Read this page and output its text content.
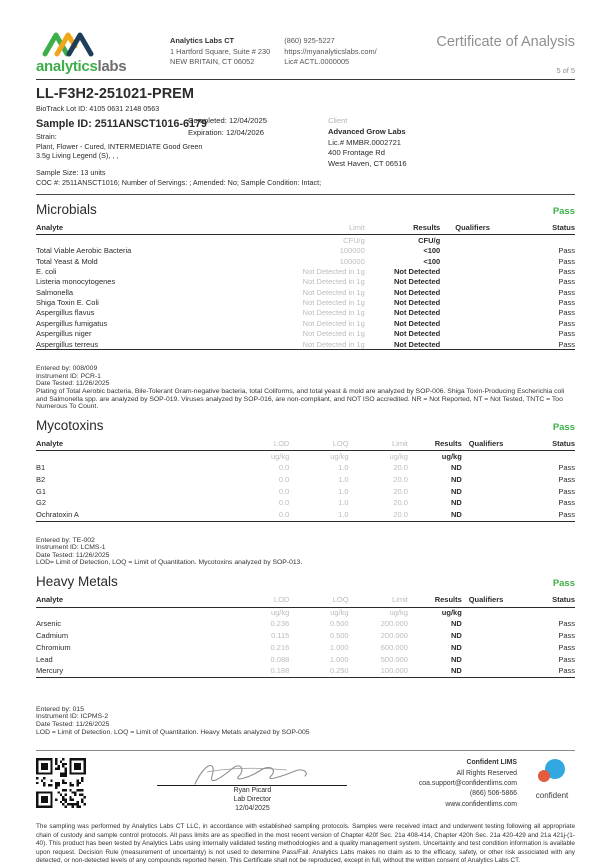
analyticslabs
Analytics Labs CT
1 Hartford Square, Suite # 230
NEW BRITAIN, CT 06052
(860) 925-5227
https://myanalyticslabs.com/
Lic# ACTL.0000005
Certificate of Analysis
5 of 5
LL-F3H2-251021-PREM
BioTrack Lot ID: 4105 0631 2148 0563
Sample ID: 2511ANSCT1016-6179
Completed: 12/04/2025
Expiration: 12/04/2026
Strain:
Plant, Flower - Cured, INTERMEDIATE Good Green
3.5g Living Legend (S), , ,
Sample Size: 13 units
COC #: 2511ANSCT1016; Number of Servings: ; Amended: No; Sample Condition: Intact;
Client
Advanced Grow Labs
Lic.# MMBR.0002721
400 Frontage Rd
West Haven, CT 06516
Microbials	Pass
Analyte	Limit	Results	Qualifiers	Status
	CFU/g	CFU/g		
Total Viable Aerobic Bacteria	100000	<100		Pass
Total Yeast & Mold	100000	<100		Pass
E. coli	Not Detected in 1g	Not Detected		Pass
Listeria monocytogenes	Not Detected in 1g	Not Detected		Pass
Salmonella	Not Detected in 1g	Not Detected		Pass
Shiga Toxin E. Coli	Not Detected in 1g	Not Detected		Pass
Aspergillus flavus	Not Detected in 1g	Not Detected		Pass
Aspergillus fumigatus	Not Detected in 1g	Not Detected		Pass
Aspergillus niger	Not Detected in 1g	Not Detected		Pass
Aspergillus terreus	Not Detected in 1g	Not Detected		Pass
Entered by: 008/009
Instrument ID: PCR-1
Date Tested: 11/26/2025
Plating of Total Aerobic bacteria, Bile-Tolerant Gram-negative bacteria, total Coliforms, and total yeast & mold are analyzed by SOP-006. Shiga Toxin-Producing Escherichia coli and Salmonella spp. are analyzed by SOP-019. Viruses analyzed by SOP-016, are non-compliant, and NOT ISO accredited. NR = Not Reported, NT = Not Tested, TNTC = Too Numerous To Count.
Mycotoxins	Pass
Analyte	LOD	LOQ	Limit	Results	Qualifiers	Status
	ug/kg	ug/kg	ug/kg	ug/kg		
B1	0.0	1.0	20.0	ND		Pass
B2	0.0	1.0	20.0	ND		Pass
G1	0.0	1.0	20.0	ND		Pass
G2	0.0	1.0	20.0	ND		Pass
Ochratoxin A	0.0	1.0	20.0	ND		Pass
Entered by: TE-002
Instrument ID: LCMS-1
Date Tested: 11/26/2025
LOD= Limit of Detection, LOQ = Limit of Quantitation. Mycotoxins analyzed by SOP-013.
Heavy Metals	Pass
Analyte	LOD	LOQ	Limit	Results	Qualifiers	Status
	ug/kg	ug/kg	ug/kg	ug/kg		
Arsenic	0.236	0.500	200.000	ND		Pass
Cadmium	0.115	0.500	200.000	ND		Pass
Chromium	0.216	1.000	600.000	ND		Pass
Lead	0.088	1.000	500.000	ND		Pass
Mercury	0.188	0.250	100.000	ND		Pass
Entered by: 015
Instrument ID: ICPMS-2
Date Tested: 11/26/2025
LOD = Limit of Detection. LOQ = Limit of Quantitation. Heavy Metals analyzed by SOP-005
Ryan Picard
Lab Director
12/04/2025
Confident LIMS
All Rights Reserved
coa.support@confidentlims.com
(866) 506-5866
www.confidentlims.com
confident

The sampling was performed by Analytics Labs CT LLC, in accordance with established sampling protocols. Samples were received intact and underwent testing following all appropriate chain of custody and sample control protocols. All pass limits are as specified in the most recent version of Chapter 420f Sec. 21a 408-414, Chapter 420h Sec. 21a 420-429 and 21a 421j-(1-40). This product has been tested by Analytics Labs using internally validated testing methodologies and a quality management system. Uncertainty and test condition information is available upon request. Decision Rule (measurement of uncertainty) is not used to determine Pass/Fail. Analytics Labs makes no claim as to the efficacy, safety, or other risk associated with any detected, or non-detected levels of any compounds reported herein. This Certificate shall not be reproduced, except in full, without the written consent of Analytics Labs CT.
